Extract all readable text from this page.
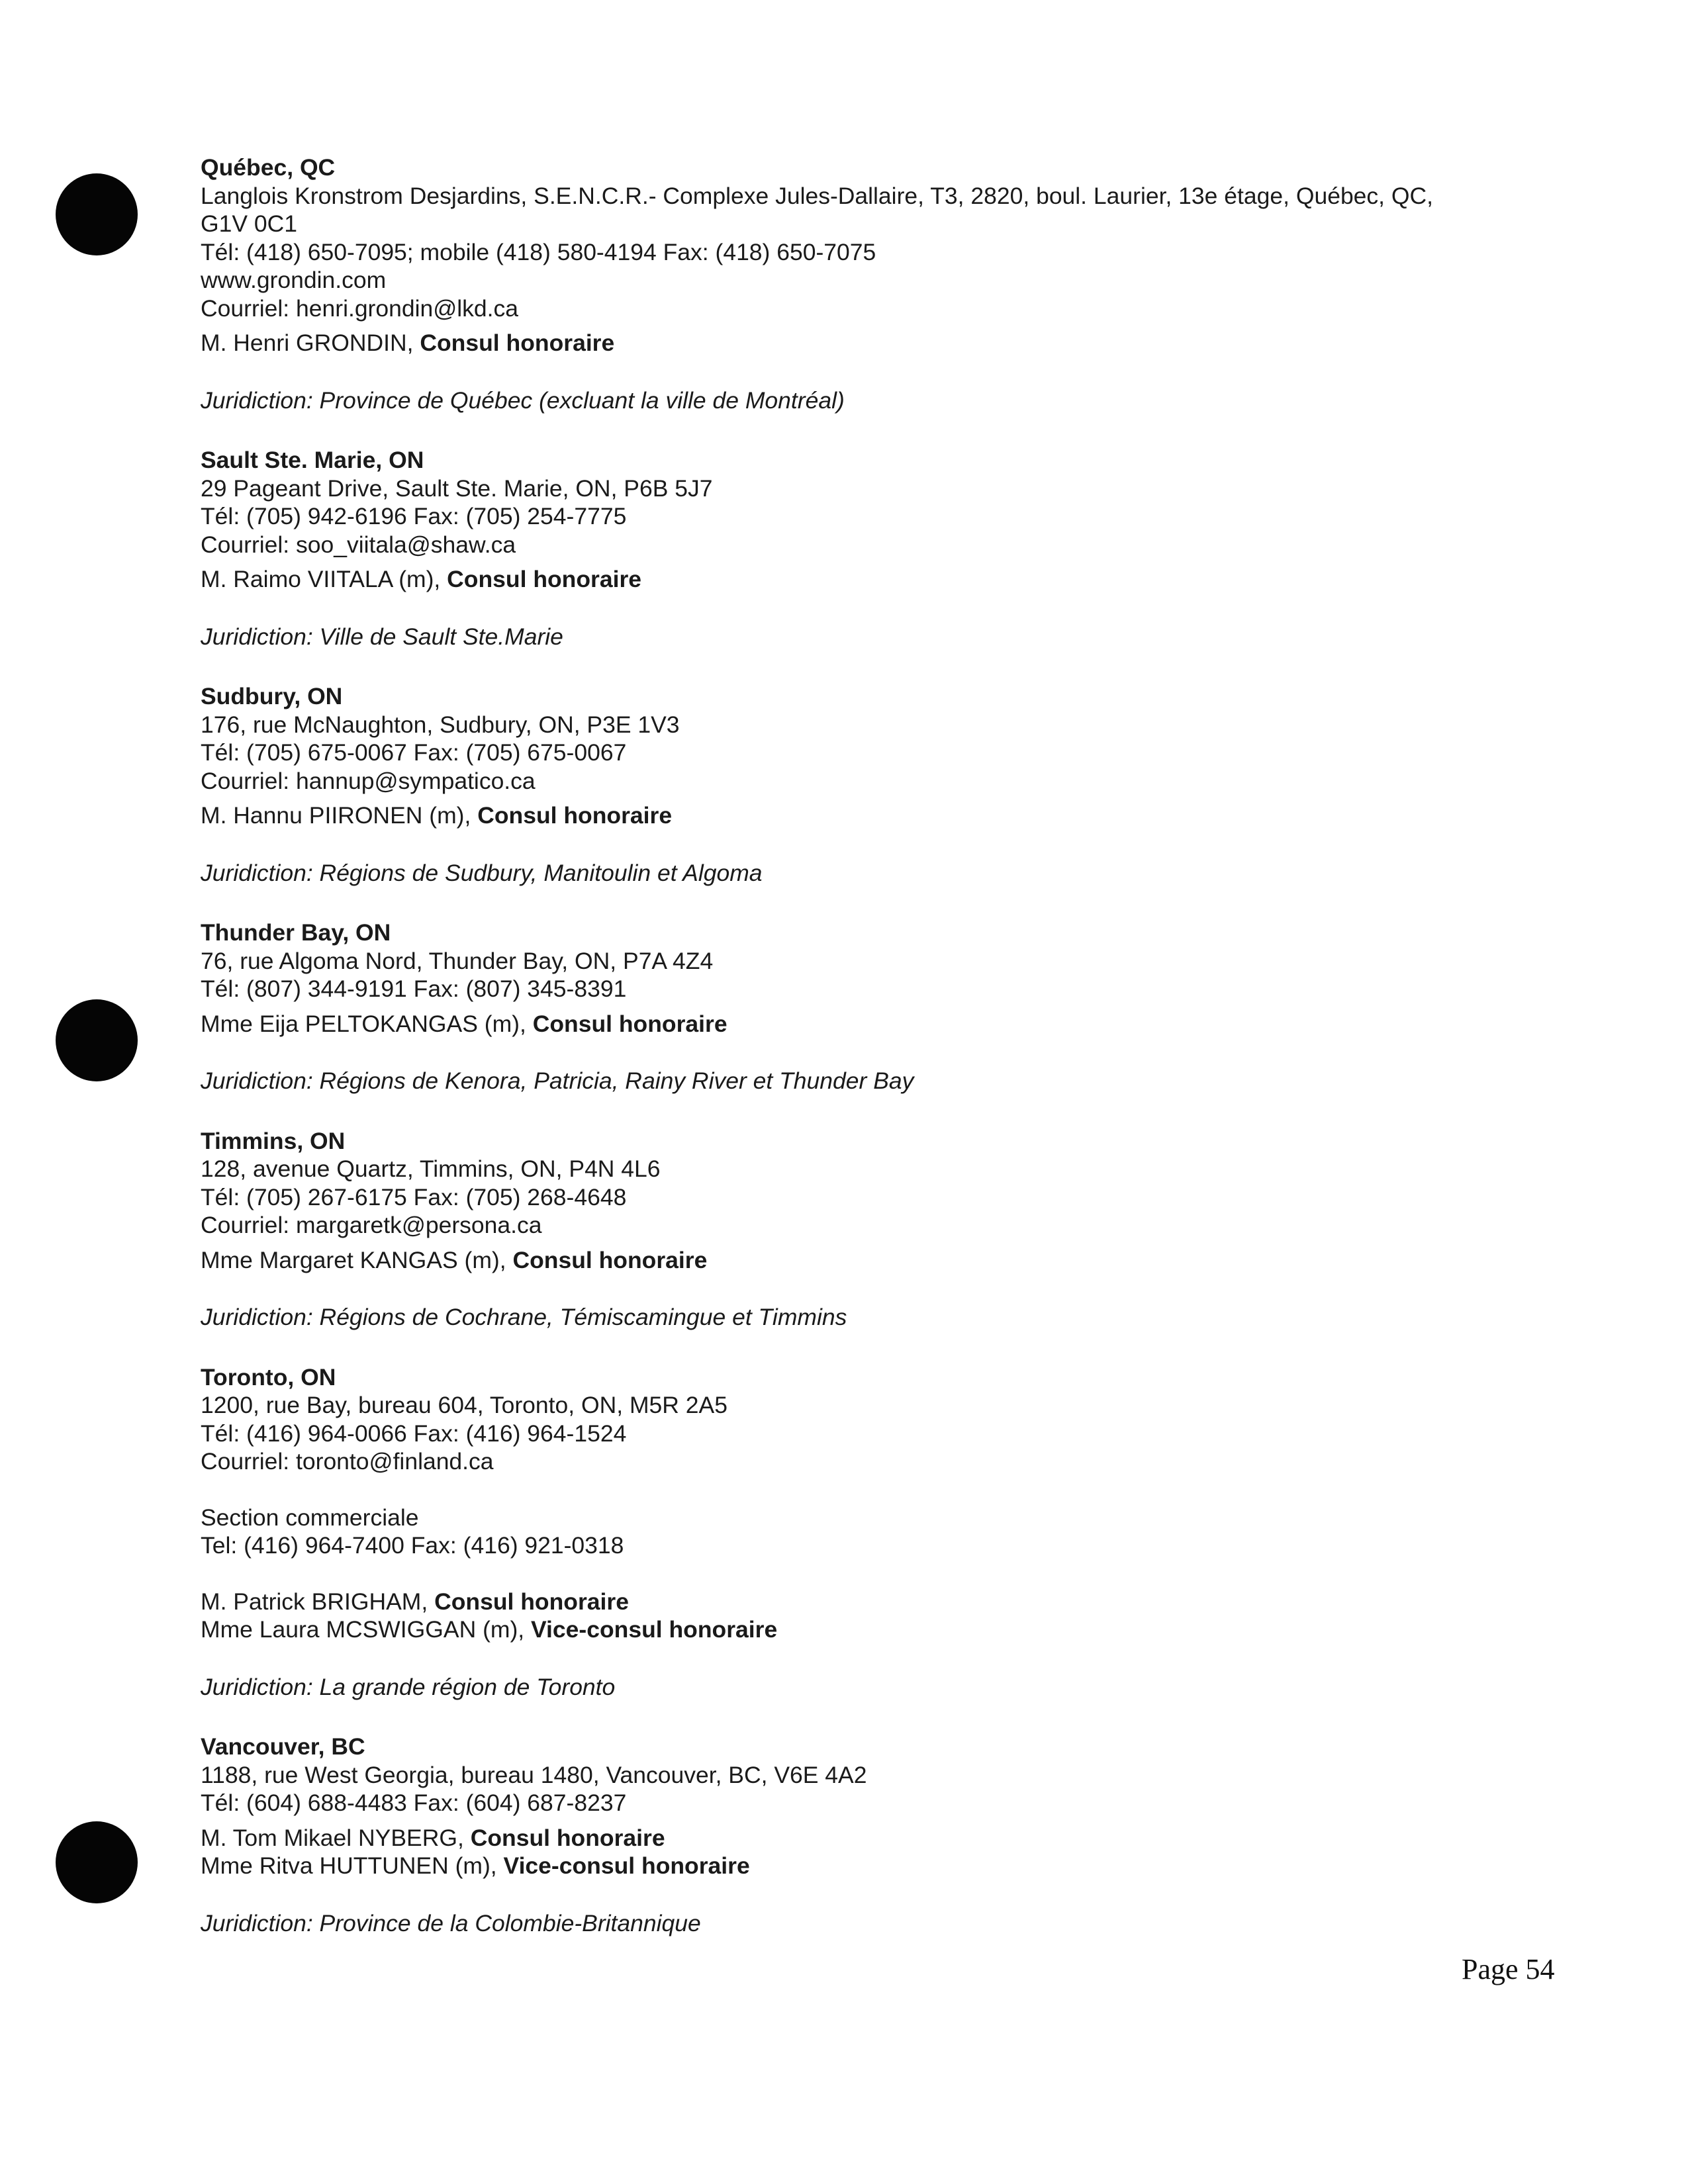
Québec, QC
Langlois Kronstrom Desjardins, S.E.N.C.R.- Complexe Jules-Dallaire, T3, 2820, boul. Laurier, 13e étage, Québec, QC,
G1V 0C1
Tél: (418) 650-7095; mobile (418) 580-4194 Fax: (418) 650-7075
www.grondin.com
Courriel: henri.grondin@lkd.ca
M. Henri GRONDIN, Consul honoraire
Juridiction: Province de Québec (excluant la ville de Montréal)
Sault Ste. Marie, ON
29 Pageant Drive, Sault Ste. Marie, ON, P6B 5J7
Tél: (705) 942-6196 Fax: (705) 254-7775
Courriel: soo_viitala@shaw.ca
M. Raimo VIITALA (m), Consul honoraire
Juridiction: Ville de Sault Ste.Marie
Sudbury, ON
176, rue McNaughton, Sudbury, ON, P3E 1V3
Tél: (705) 675-0067 Fax: (705) 675-0067
Courriel: hannup@sympatico.ca
M. Hannu PIIRONEN (m), Consul honoraire
Juridiction: Régions de Sudbury, Manitoulin et Algoma
Thunder Bay, ON
76, rue Algoma Nord, Thunder Bay, ON, P7A 4Z4
Tél: (807) 344-9191 Fax: (807) 345-8391
Mme Eija PELTOKANGAS (m), Consul honoraire
Juridiction: Régions de Kenora, Patricia, Rainy River et Thunder Bay
Timmins, ON
128, avenue Quartz, Timmins, ON, P4N 4L6
Tél: (705) 267-6175 Fax: (705) 268-4648
Courriel: margaretk@persona.ca
Mme Margaret KANGAS (m), Consul honoraire
Juridiction: Régions de Cochrane, Témiscamingue et Timmins
Toronto, ON
1200, rue Bay, bureau 604, Toronto, ON, M5R 2A5
Tél: (416) 964-0066 Fax: (416) 964-1524
Courriel: toronto@finland.ca
Section commerciale
Tel: (416) 964-7400 Fax: (416) 921-0318
M. Patrick BRIGHAM, Consul honoraire
Mme Laura MCSWIGGAN (m), Vice-consul honoraire
Juridiction: La grande région de Toronto
Vancouver, BC
1188, rue West Georgia, bureau 1480, Vancouver, BC, V6E 4A2
Tél: (604) 688-4483 Fax: (604) 687-8237
M. Tom Mikael NYBERG, Consul honoraire
Mme Ritva HUTTUNEN (m), Vice-consul honoraire
Juridiction: Province de la Colombie-Britannique
Page 54
